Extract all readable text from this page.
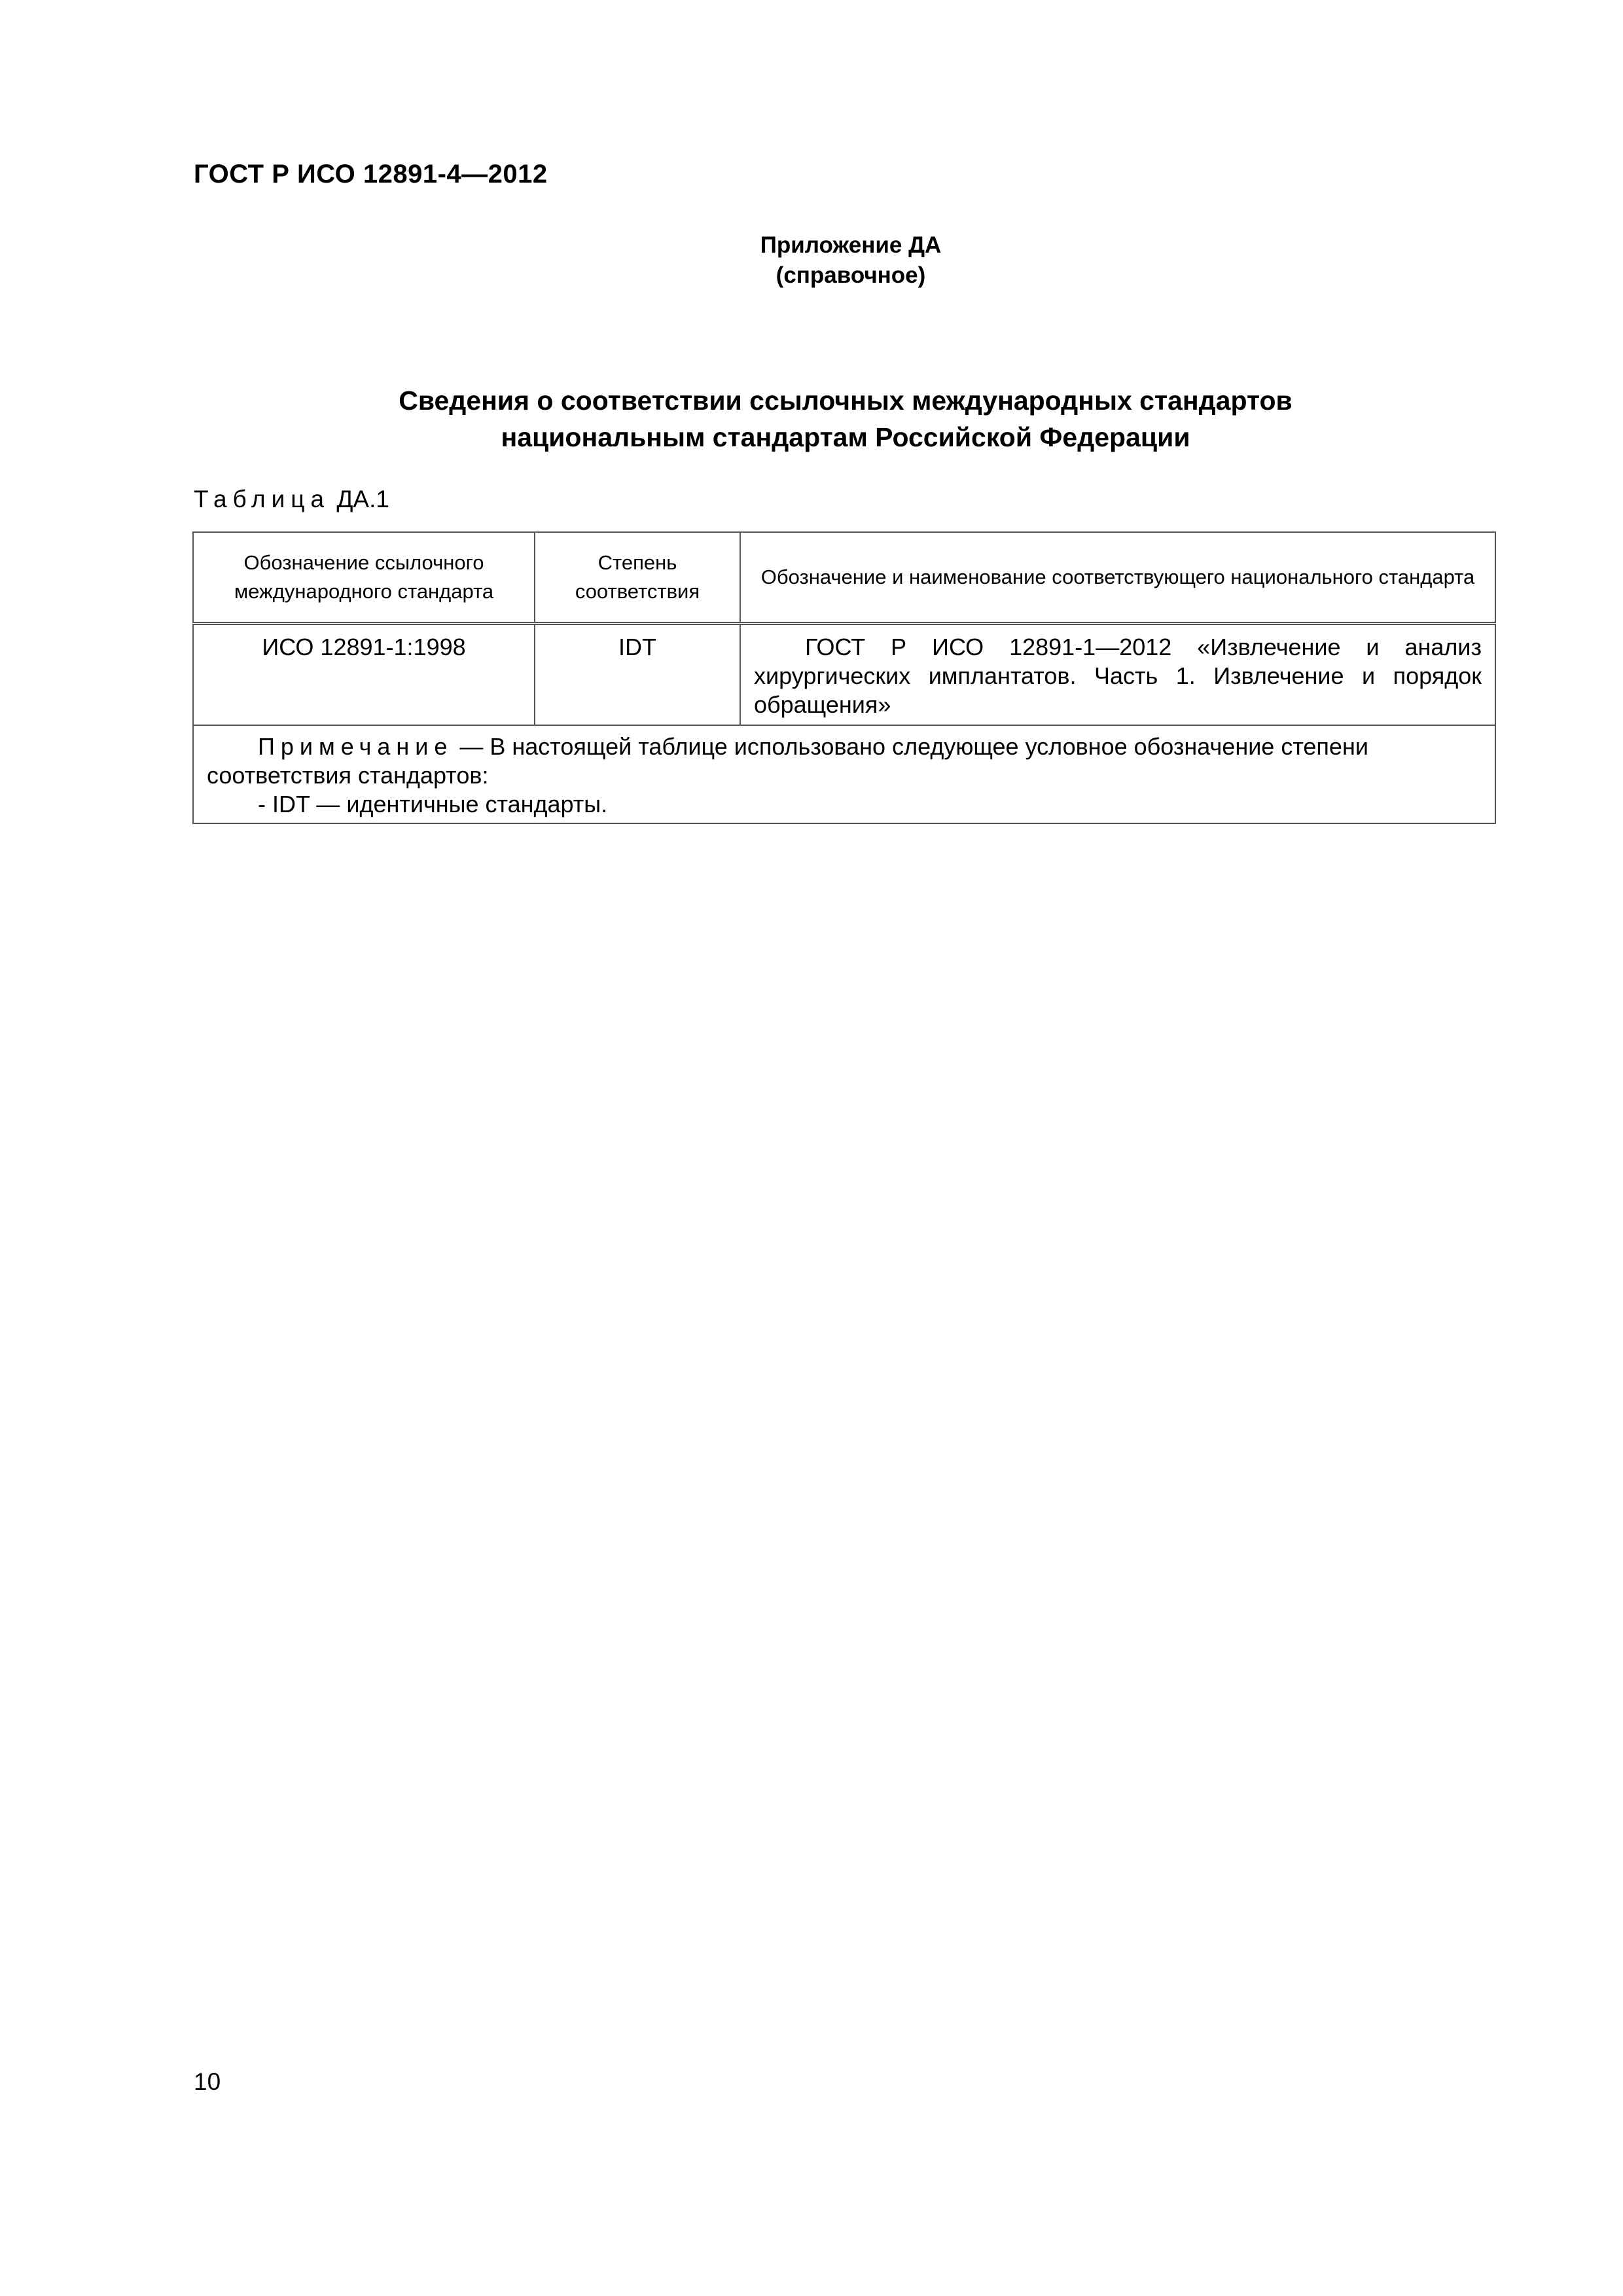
ГОСТ Р ИСО 12891-4—2012
Приложение ДА
(справочное)
Сведения о соответствии ссылочных международных стандартов
национальным стандартам Российской Федерации
Таблица ДА.1
Обозначение ссылочного международного стандарта	Степень соответствия	Обозначение и наименование соответствующего национального стандарта
ИСО 12891-1:1998	IDT	ГОСТ Р ИСО 12891-1—2012 «Извлечение и анализ хирургических имплантатов. Часть 1. Извлечение и порядок обращения»

Примечание — В настоящей таблице использовано следующее условное обозначение степени соответствия стандартов:
- IDT — идентичные стандарты.		
10
